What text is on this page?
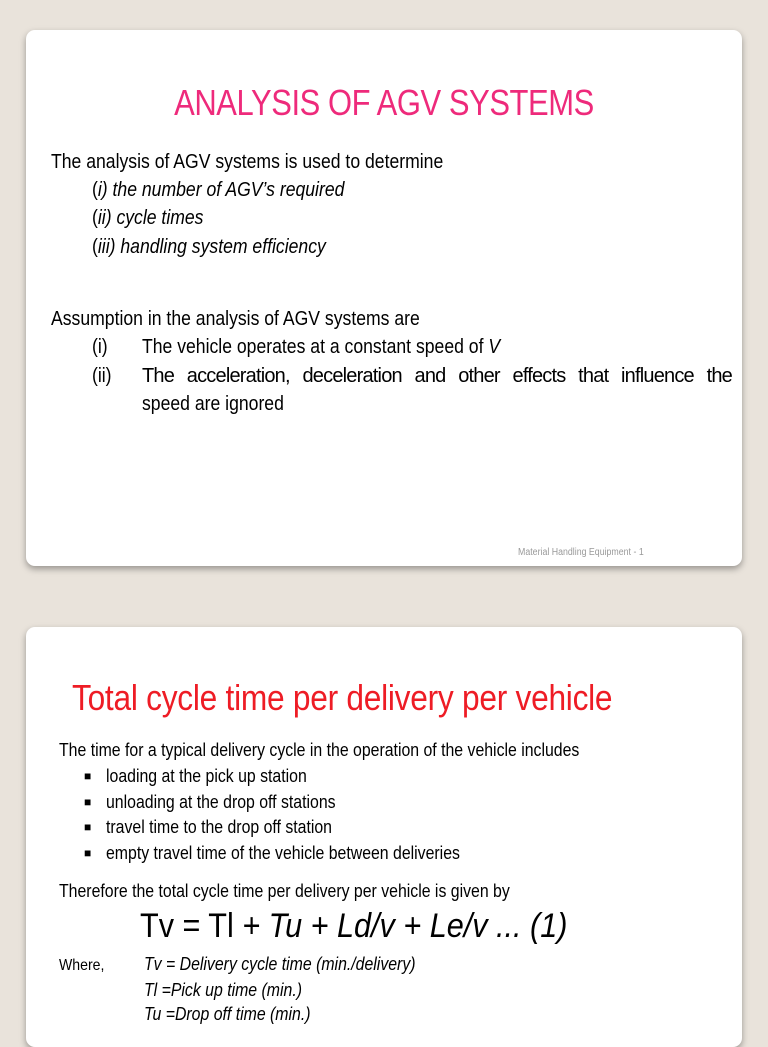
ANALYSIS OF AGV SYSTEMS
The analysis of AGV systems is used to determine
(i) the number of AGV’s required
(ii) cycle times
(iii) handling system efficiency
Assumption in the analysis of AGV systems are
(i) The vehicle operates at a constant speed of V
(ii) The acceleration, deceleration and other effects that influence the
speed are ignored
Material Handling Equipment - 1
Total cycle time per delivery per vehicle
The time for a typical delivery cycle in the operation of the vehicle includes
■ loading at the pick up station
■ unloading at the drop off stations
■ travel time to the drop off station
■ empty travel time of the vehicle between deliveries
Therefore the total cycle time per delivery per vehicle is given by
Tv = Tl + Tu + Ld/v + Le/v ... (1)
Where,	Tv = Delivery cycle time (min./delivery)
Tl =Pick up time (min.)
Tu =Drop off time (min.)
